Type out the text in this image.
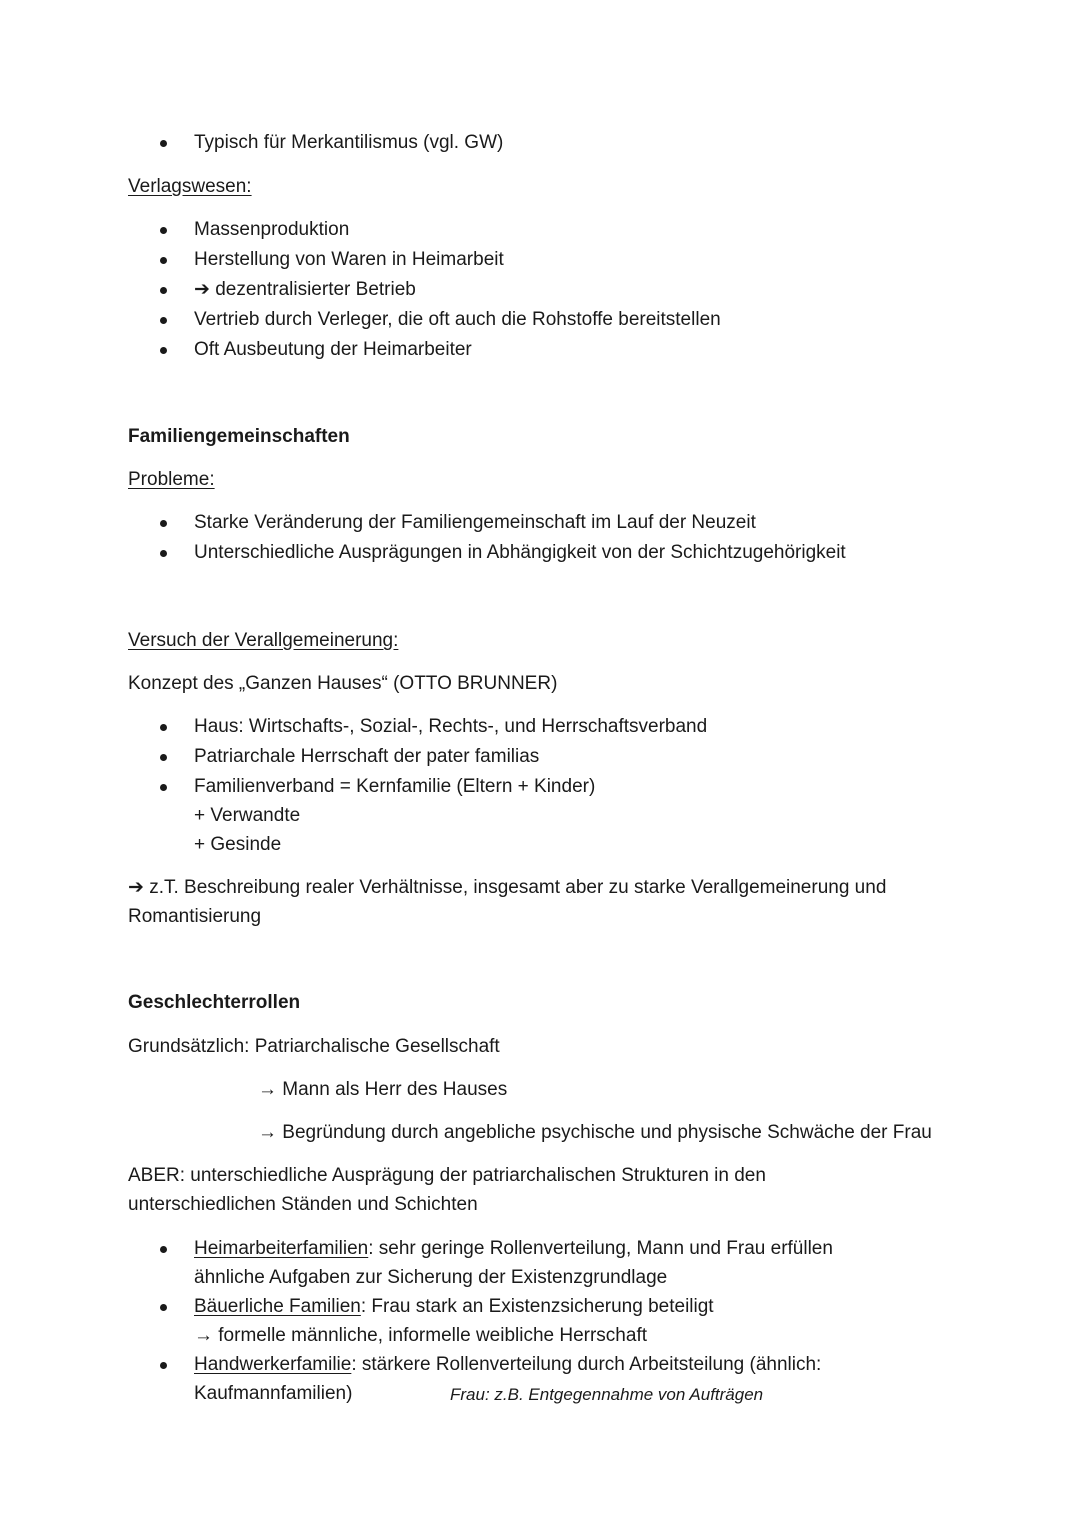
Typisch für Merkantilismus (vgl. GW)
Verlagswesen:
Massenproduktion
Herstellung von Waren in Heimarbeit
➔ dezentralisierter Betrieb
Vertrieb durch Verleger, die oft auch die Rohstoffe bereitstellen
Oft Ausbeutung der Heimarbeiter
Familiengemeinschaften
Probleme:
Starke Veränderung der Familiengemeinschaft im Lauf der Neuzeit
Unterschiedliche Ausprägungen in Abhängigkeit von der Schichtzugehörigkeit
Versuch der Verallgemeinerung:
Konzept des „Ganzen Hauses“ (OTTO BRUNNER)
Haus: Wirtschafts-, Sozial-, Rechts-, und Herrschaftsverband
Patriarchale Herrschaft der pater familias
Familienverband = Kernfamilie (Eltern + Kinder)
+ Verwandte
+ Gesinde
➔ z.T. Beschreibung realer Verhältnisse, insgesamt aber zu starke Verallgemeinerung und
Romantisierung
Geschlechterrollen
Grundsätzlich: Patriarchalische Gesellschaft
→ Mann als Herr des Hauses
→ Begründung durch angebliche psychische und physische Schwäche der Frau
ABER: unterschiedliche Ausprägung der patriarchalischen Strukturen in den
unterschiedlichen Ständen und Schichten
Heimarbeiterfamilien: sehr geringe Rollenverteilung, Mann und Frau erfüllen
ähnliche Aufgaben zur Sicherung der Existenzgrundlage
Bäuerliche Familien: Frau stark an Existenzsicherung beteiligt
→ formelle männliche, informelle weibliche Herrschaft
Handwerkerfamilie: stärkere Rollenverteilung durch Arbeitsteilung (ähnlich:
Kaufmannfamilien)	Frau: z.B. Entgegennahme von Aufträgen
